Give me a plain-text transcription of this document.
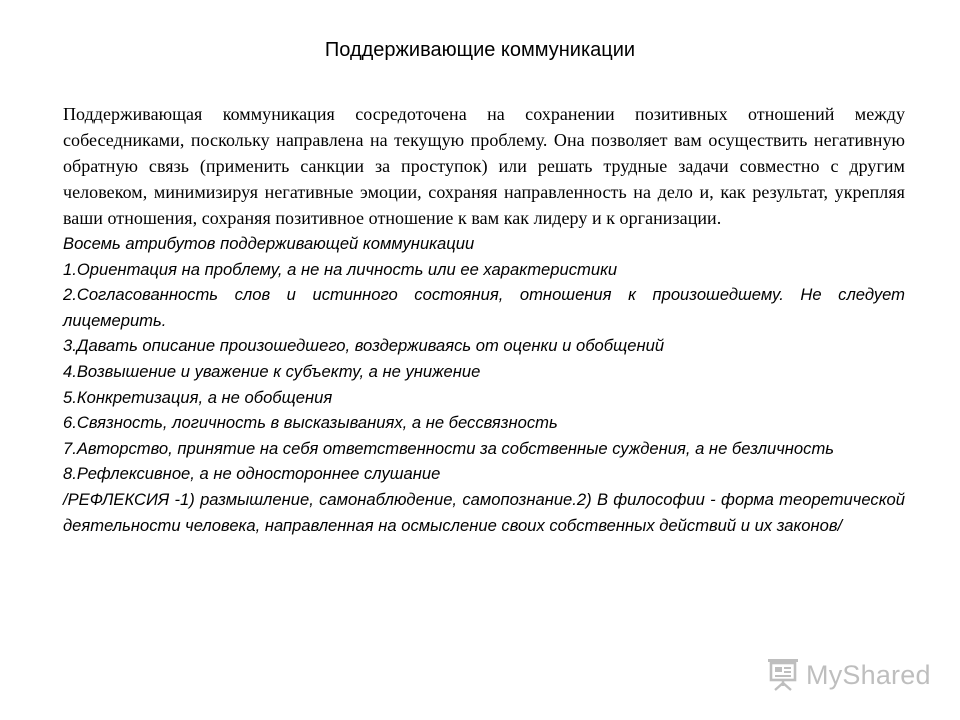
Поддерживающие коммуникации

Поддерживающая коммуникация сосредоточена на сохранении позитивных отношений между собеседниками, поскольку направлена на текущую проблему. Она позволяет вам осуществить негативную обратную связь (применить санкции за проступок) или решать трудные задачи совместно с другим человеком, минимизируя негативные эмоции, сохраняя направленность на дело и, как результат, укрепляя ваши отношения, сохраняя позитивное отношение к вам как лидеру и к организации.

Восемь атрибутов поддерживающей коммуникации

1.Ориентация на проблему, а не на личность или ее характеристики

2.Согласованность слов и истинного состояния, отношения к произошедшему. Не следует лицемерить.

3.Давать описание произошедшего, воздерживаясь от оценки и обобщений

4.Возвышение и уважение к субъекту, а не унижение

5.Конкретизация, а не обобщения

6.Связность, логичность в высказываниях, а не бессвязность

7.Авторство, принятие на себя ответственности за собственные суждения, а не безличность

8.Рефлексивное, а не одностороннее слушание

/РЕФЛЕКСИЯ -1) размышление, самонаблюдение, самопознание.2) В философии - форма теоретической деятельности человека, направленная на осмысление своих собственных действий и их законов/

MyShared
